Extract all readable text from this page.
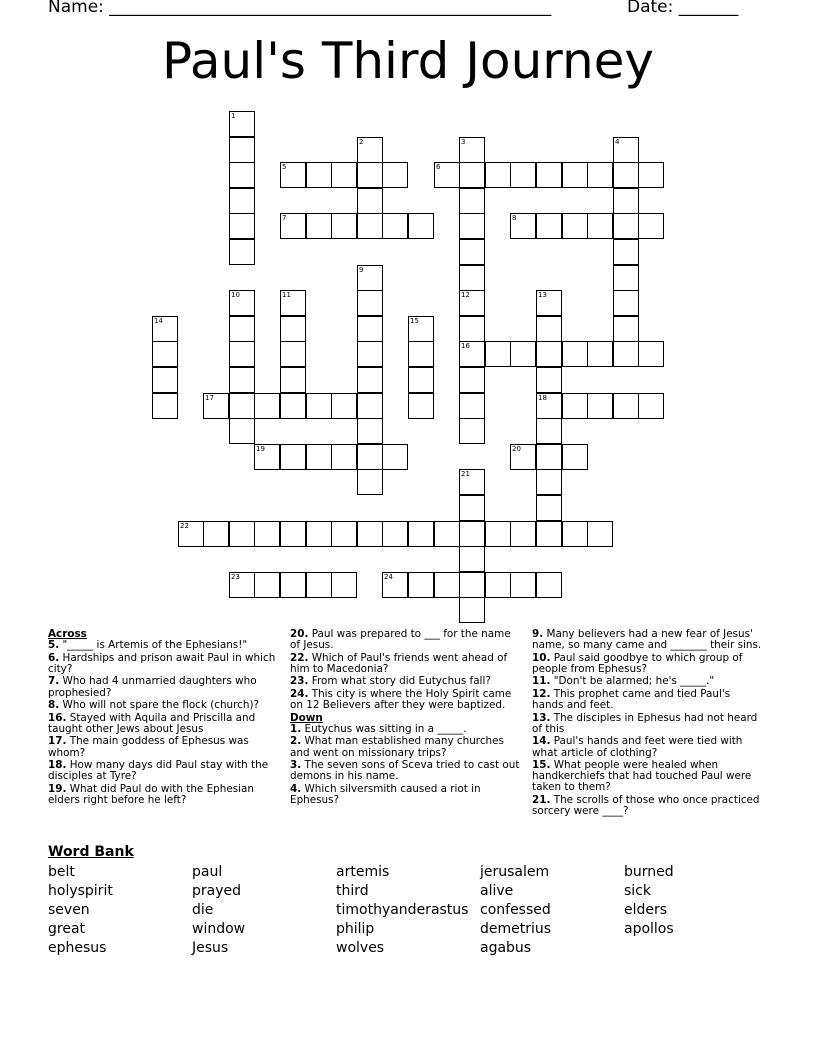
Name: ____________________________________________________	Date: _______
Paul's Third Journey
5	6
7	8
16
17	18
19	20
22
23	24
1
2	3	4
9
10	11	12	13
14	15
21
Across
5. "_____ is Artemis of the Ephesians!"
6. Hardships and prison await Paul in which city?
7. Who had 4 unmarried daughters who prophesied?
8. Who will not spare the flock (church)?
16. Stayed with Aquila and Priscilla and taught other Jews about Jesus
17. The main goddess of Ephesus was whom?
18. How many days did Paul stay with the disciples at Tyre?
19. What did Paul do with the Ephesian elders right before he left?
20. Paul was prepared to ___ for the name of Jesus.
22. Which of Paul's friends went ahead of him to Macedonia?
23. From what story did Eutychus fall?
24. This city is where the Holy Spirit came on 12 Believers after they were baptized.
Down
1. Eutychus was sitting in a _____.
2. What man established many churches and went on missionary trips?
3. The seven sons of Sceva tried to cast out demons in his name.
4. Which silversmith caused a riot in Ephesus?
9. Many believers had a new fear of Jesus' name, so many came and _______ their sins.
10. Paul said goodbye to which group of people from Ephesus?
11. "Don't be alarmed; he's _____."
12. This prophet came and tied Paul's hands and feet.
13. The disciples in Ephesus had not heard of this
14. Paul's hands and feet were tied with what article of clothing?
15. What people were healed when handkerchiefs that had touched Paul were taken to them?
21. The scrolls of those who once practiced sorcery were ____?
Word Bank
belt
holyspirit
seven
great
ephesus
paul
prayed
die
window
Jesus
artemis
third
timothyanderastus
philip
wolves
jerusalem
alive
confessed
demetrius
agabus
burned
sick
elders
apollos
